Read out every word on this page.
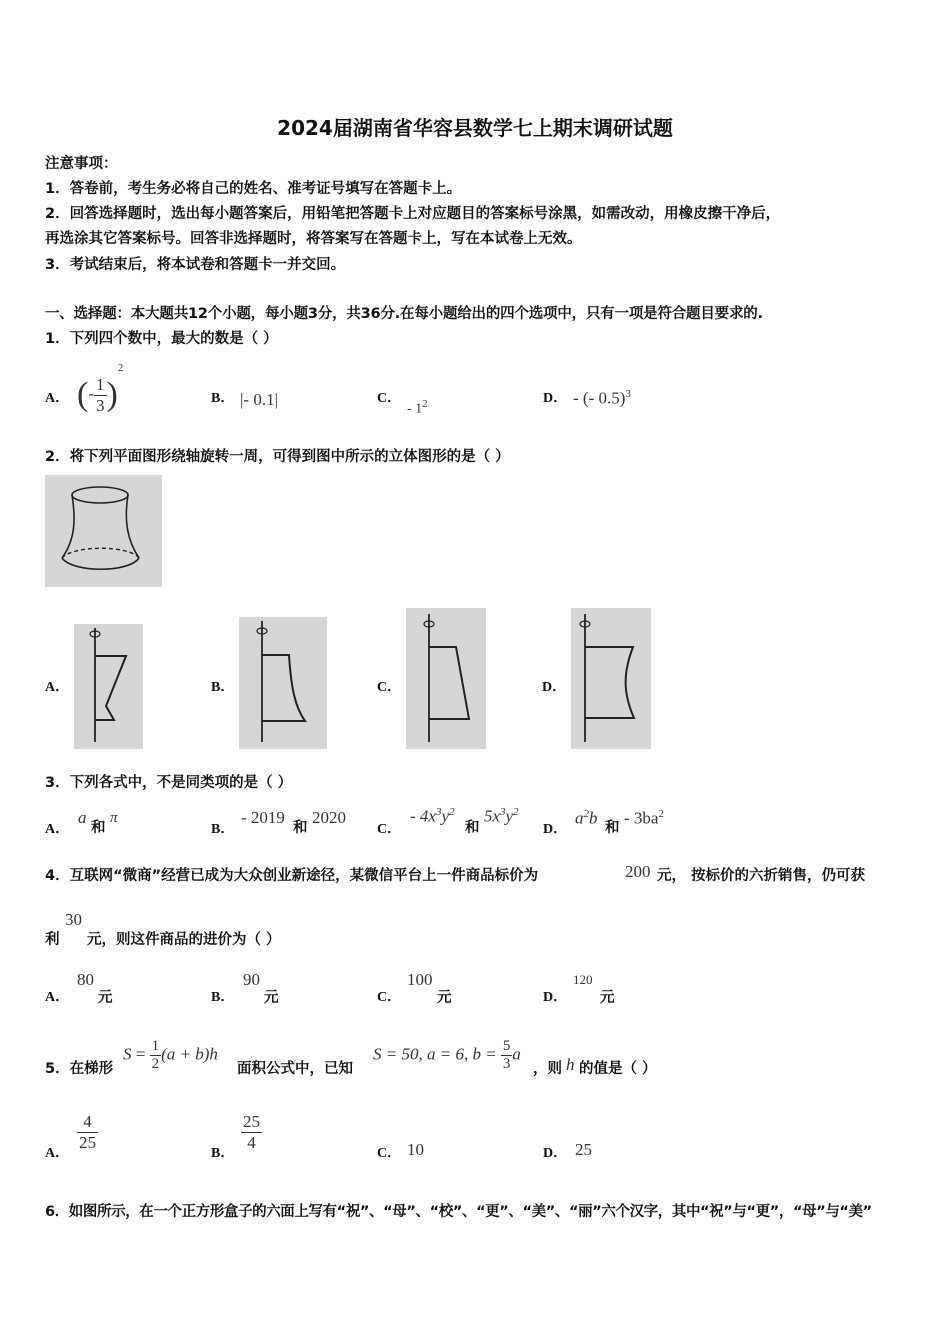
2024届湖南省华容县数学七上期末调研试题
注意事项：
1．答卷前，考生务必将自己的姓名、准考证号填写在答题卡上。
2．回答选择题时，选出每小题答案后，用铅笔把答题卡上对应题目的答案标号涂黑，如需改动，用橡皮擦干净后，
再选涂其它答案标号。回答非选择题时，将答案写在答题卡上，写在本试卷上无效。
3．考试结束后，将本试卷和答题卡一并交回。
一、选择题：本大题共12个小题，每小题3分，共36分.在每小题给出的四个选项中，只有一项是符合题目要求的.
1．下列四个数中，最大的数是（ ）
A． (- $\frac{1}{3} )^2$
B． |- 0.1|	C．
- $1^2$	D． - (- 0.5)$^3$
2．将下列平面图形绕轴旋转一周，可得到图中所示的立体图形的是（ ）
A．	B．	C．	D．
3．下列各式中，不是同类项的是（ ）
A．
a
和
π
B．
- 2019
和
2020
C．
- $4x^3y^2$
和
$5x^3y^2$
D．
$a^2b$
和
- $3ba^2$
4．互联网“微商”经营已成为大众创业新途径，某微信平台上一件商品标价为	200 元， 按标价的六折销售，仍可获
利
30
元，则这件商品的进价为（ ）
A．
80
元	B．
90
元	C．
100
元	D．
120
元
5．在梯形
$S = \frac{1}{2} (a + b)h$
面积公式中，已知
S = 50, a = 6, $b = \frac{5}{3}$ a
，则 h 的值是（ ）
A．
$\frac{4}{25}$
B．
$\frac{25}{4}$
C． 10	D． 25
6．如图所示，在一个正方形盒子的六面上写有“祝”、“母”、“校”、“更”、“美”、“丽”六个汉字，其中“祝”与“更”，“母”与“美”
